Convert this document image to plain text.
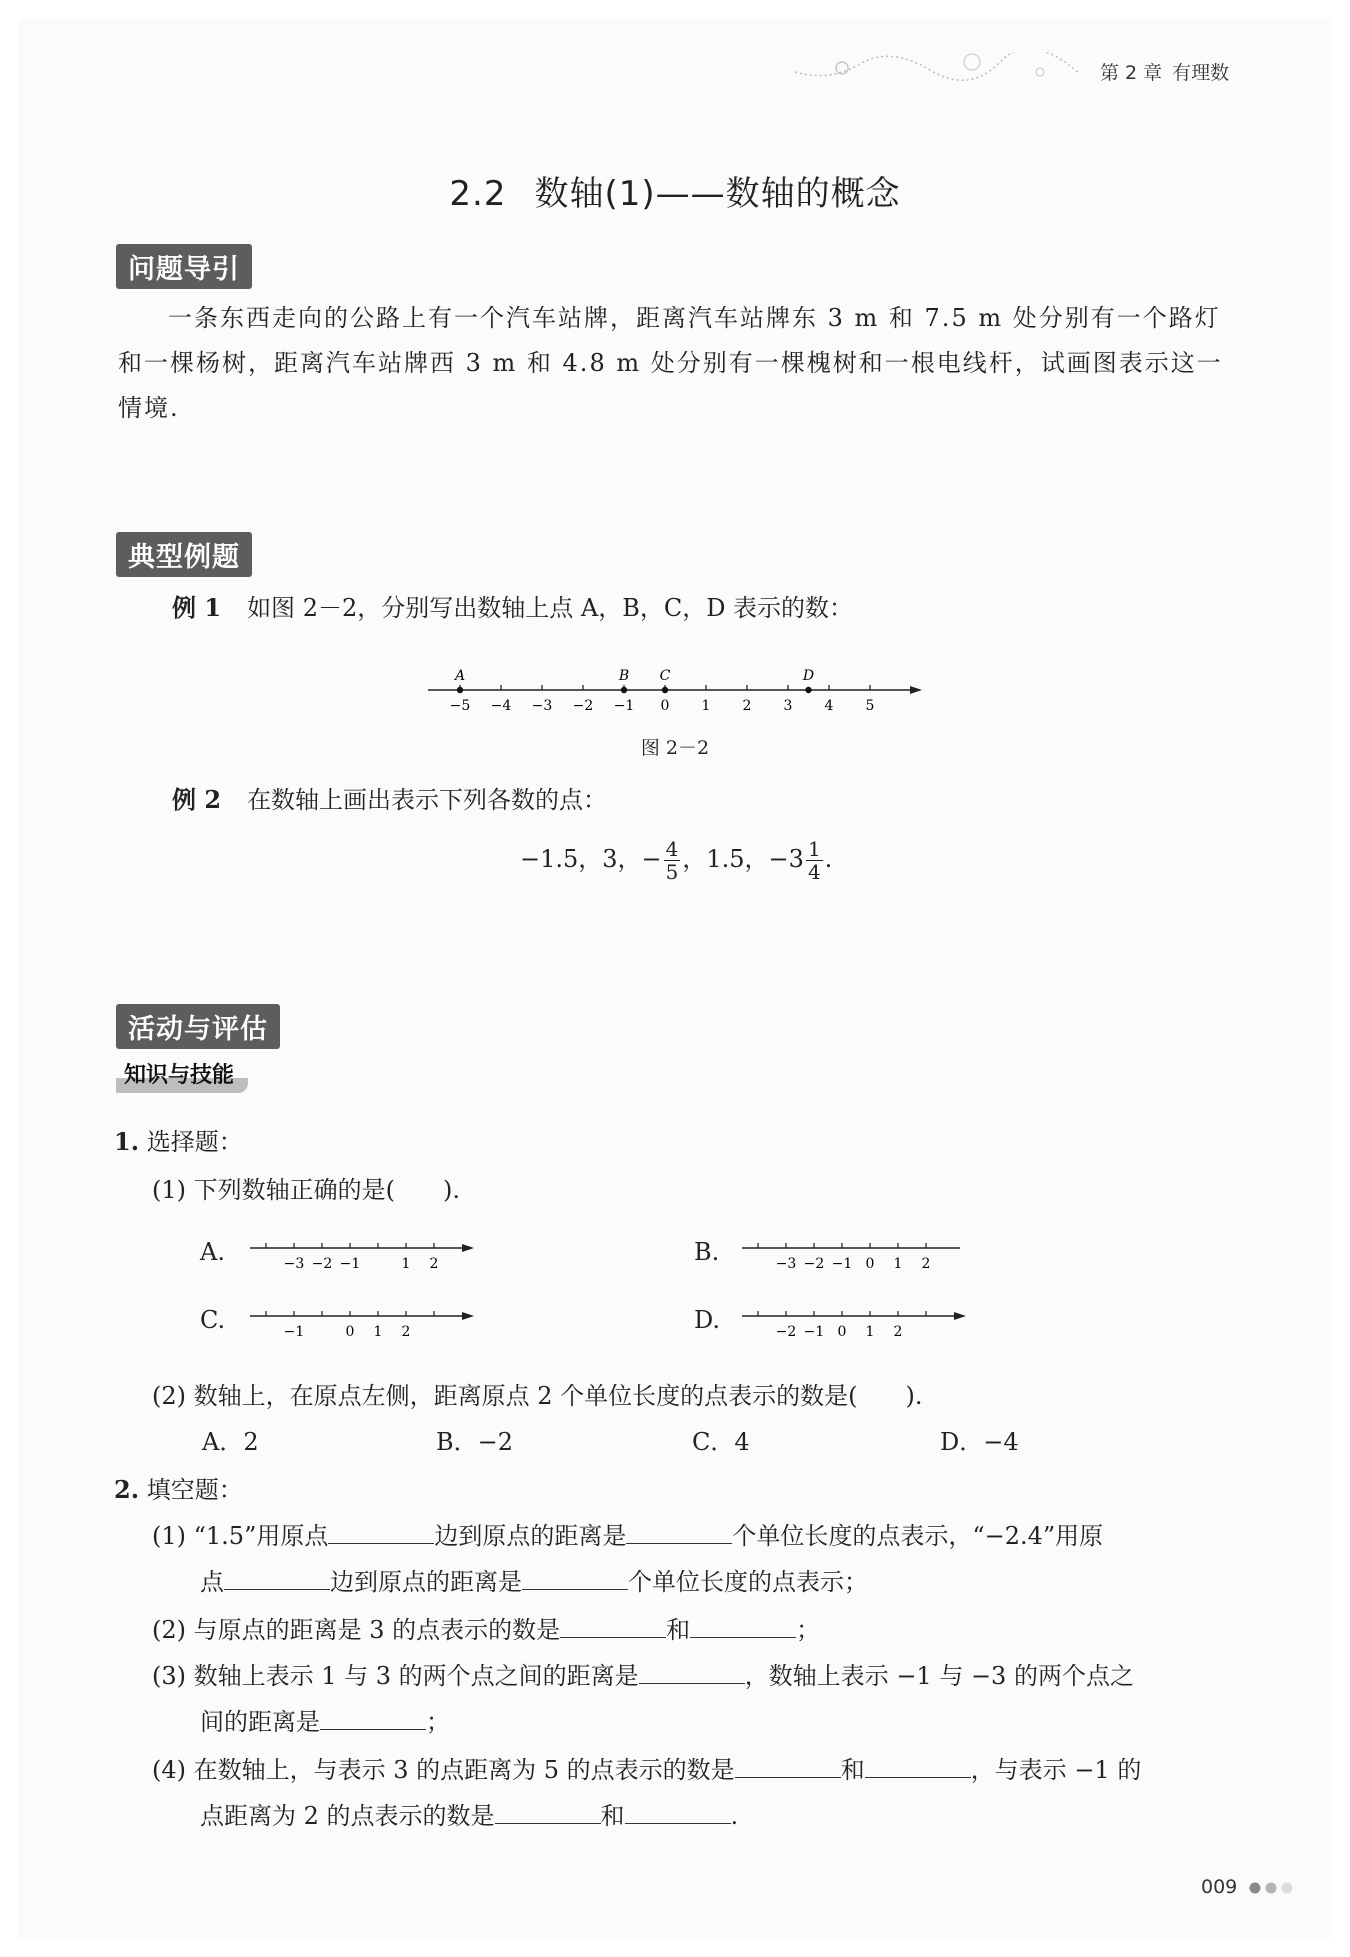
第 2 章 有理数
2.2 数轴(1)——数轴的概念
问题导引
一条东西走向的公路上有一个汽车站牌，距离汽车站牌东 3 m 和 7.5 m 处分别有一个路灯和一棵杨树，距离汽车站牌西 3 m 和 4.8 m 处分别有一棵槐树和一根电线杆，试画图表示这一情境.
典型例题
例 1 如图 2－2，分别写出数轴上点 A，B，C，D 表示的数：
−5 −4 −3 −2 −1 0 1 2 3 4 5
A	B C	D
图 2－2
例 2 在数轴上画出表示下列各数的点：
−1.5，3，− $\frac{4}{5}$ ，1.5，$-3 \frac{1}{4}$ .
活动与评估
知识与技能
1. 选择题：
(1) 下列数轴正确的是(　　).
A.	−3 −2 −1	1 2	B.	−3 −2 −1 0 1 2
C.	−1	0 1 2	D.	−2 −1 0 1 2
(2) 数轴上，在原点左侧，距离原点 2 个单位长度的点表示的数是(　　).
A．2	B．−2	C．4	D．−4
2. 填空题：
(1) “1.5”用原点	边到原点的距离是	个单位长度的点表示，“−2.4”用原
点	边到原点的距离是	个单位长度的点表示；
(2) 与原点的距离是 3 的点表示的数是	和	；
(3) 数轴上表示 1 与 3 的两个点之间的距离是	，数轴上表示 −1 与 −3 的两个点之
间的距离是	；
(4) 在数轴上，与表示 3 的点距离为 5 的点表示的数是	和	，与表示 −1 的
点距离为 2 的点表示的数是	和	.
009
